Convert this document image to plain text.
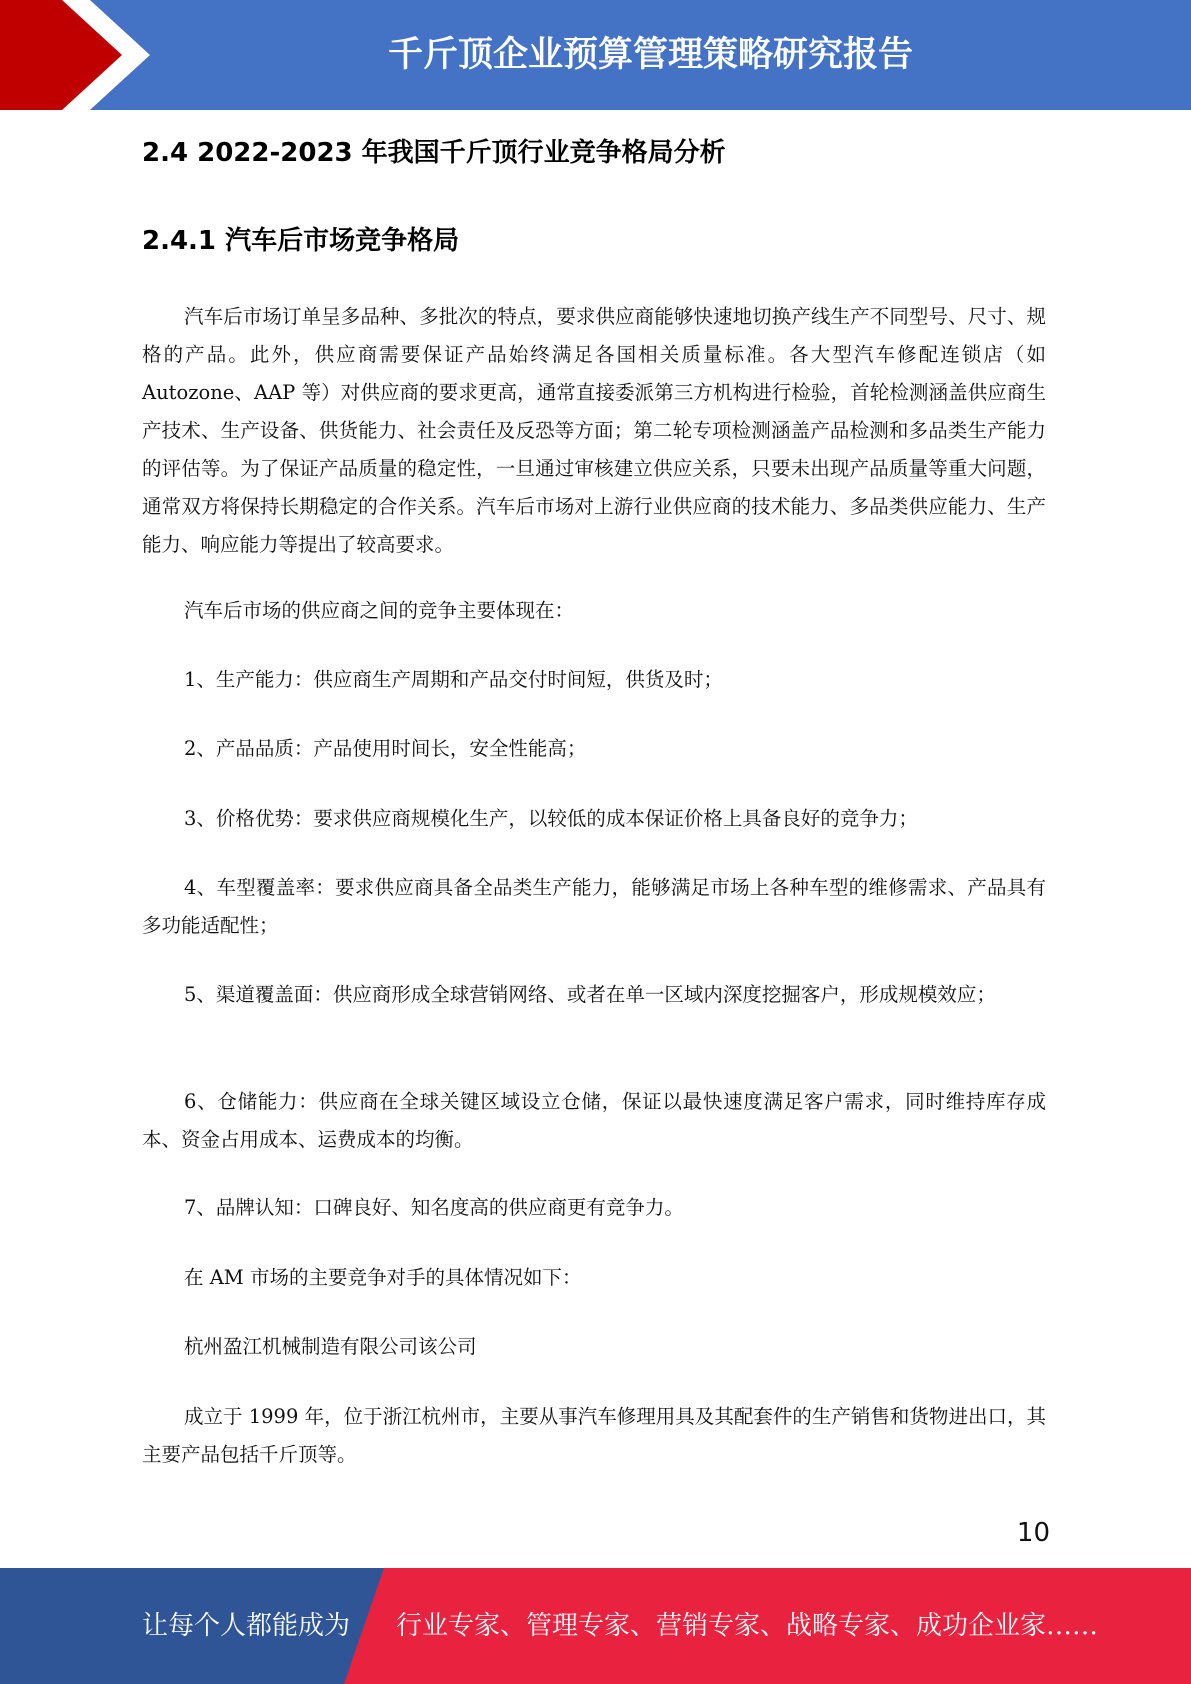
千斤顶企业预算管理策略研究报告
2.4 2022-2023 年我国千斤顶行业竞争格局分析
2.4.1 汽车后市场竞争格局

汽车后市场订单呈多品种、多批次的特点，要求供应商能够快速地切换产线生产不同型号、尺寸、规格的产品。此外，供应商需要保证产品始终满足各国相关质量标准。各大型汽车修配连锁店（如 Autozone、AAP 等）对供应商的要求更高，通常直接委派第三方机构进行检验，首轮检测涵盖供应商生产技术、生产设备、供货能力、社会责任及反恐等方面；第二轮专项检测涵盖产品检测和多品类生产能力的评估等。为了保证产品质量的稳定性，一旦通过审核建立供应关系，只要未出现产品质量等重大问题，通常双方将保持长期稳定的合作关系。汽车后市场对上游行业供应商的技术能力、多品类供应能力、生产能力、响应能力等提出了较高要求。

汽车后市场的供应商之间的竞争主要体现在：

1、生产能力：供应商生产周期和产品交付时间短，供货及时；

2、产品品质：产品使用时间长，安全性能高；

3、价格优势：要求供应商规模化生产，以较低的成本保证价格上具备良好的竞争力；

4、车型覆盖率：要求供应商具备全品类生产能力，能够满足市场上各种车型的维修需求、产品具有多功能适配性；

5、渠道覆盖面：供应商形成全球营销网络、或者在单一区域内深度挖掘客户，形成规模效应；

6、仓储能力：供应商在全球关键区域设立仓储，保证以最快速度满足客户需求，同时维持库存成本、资金占用成本、运费成本的均衡。

7、品牌认知：口碑良好、知名度高的供应商更有竞争力。

在 AM 市场的主要竞争对手的具体情况如下：

杭州盈江机械制造有限公司该公司

成立于 1999 年，位于浙江杭州市，主要从事汽车修理用具及其配套件的生产销售和货物进出口，其主要产品包括千斤顶等。

10
让每个人都能成为 行业专家、管理专家、营销专家、战略专家、成功企业家……
